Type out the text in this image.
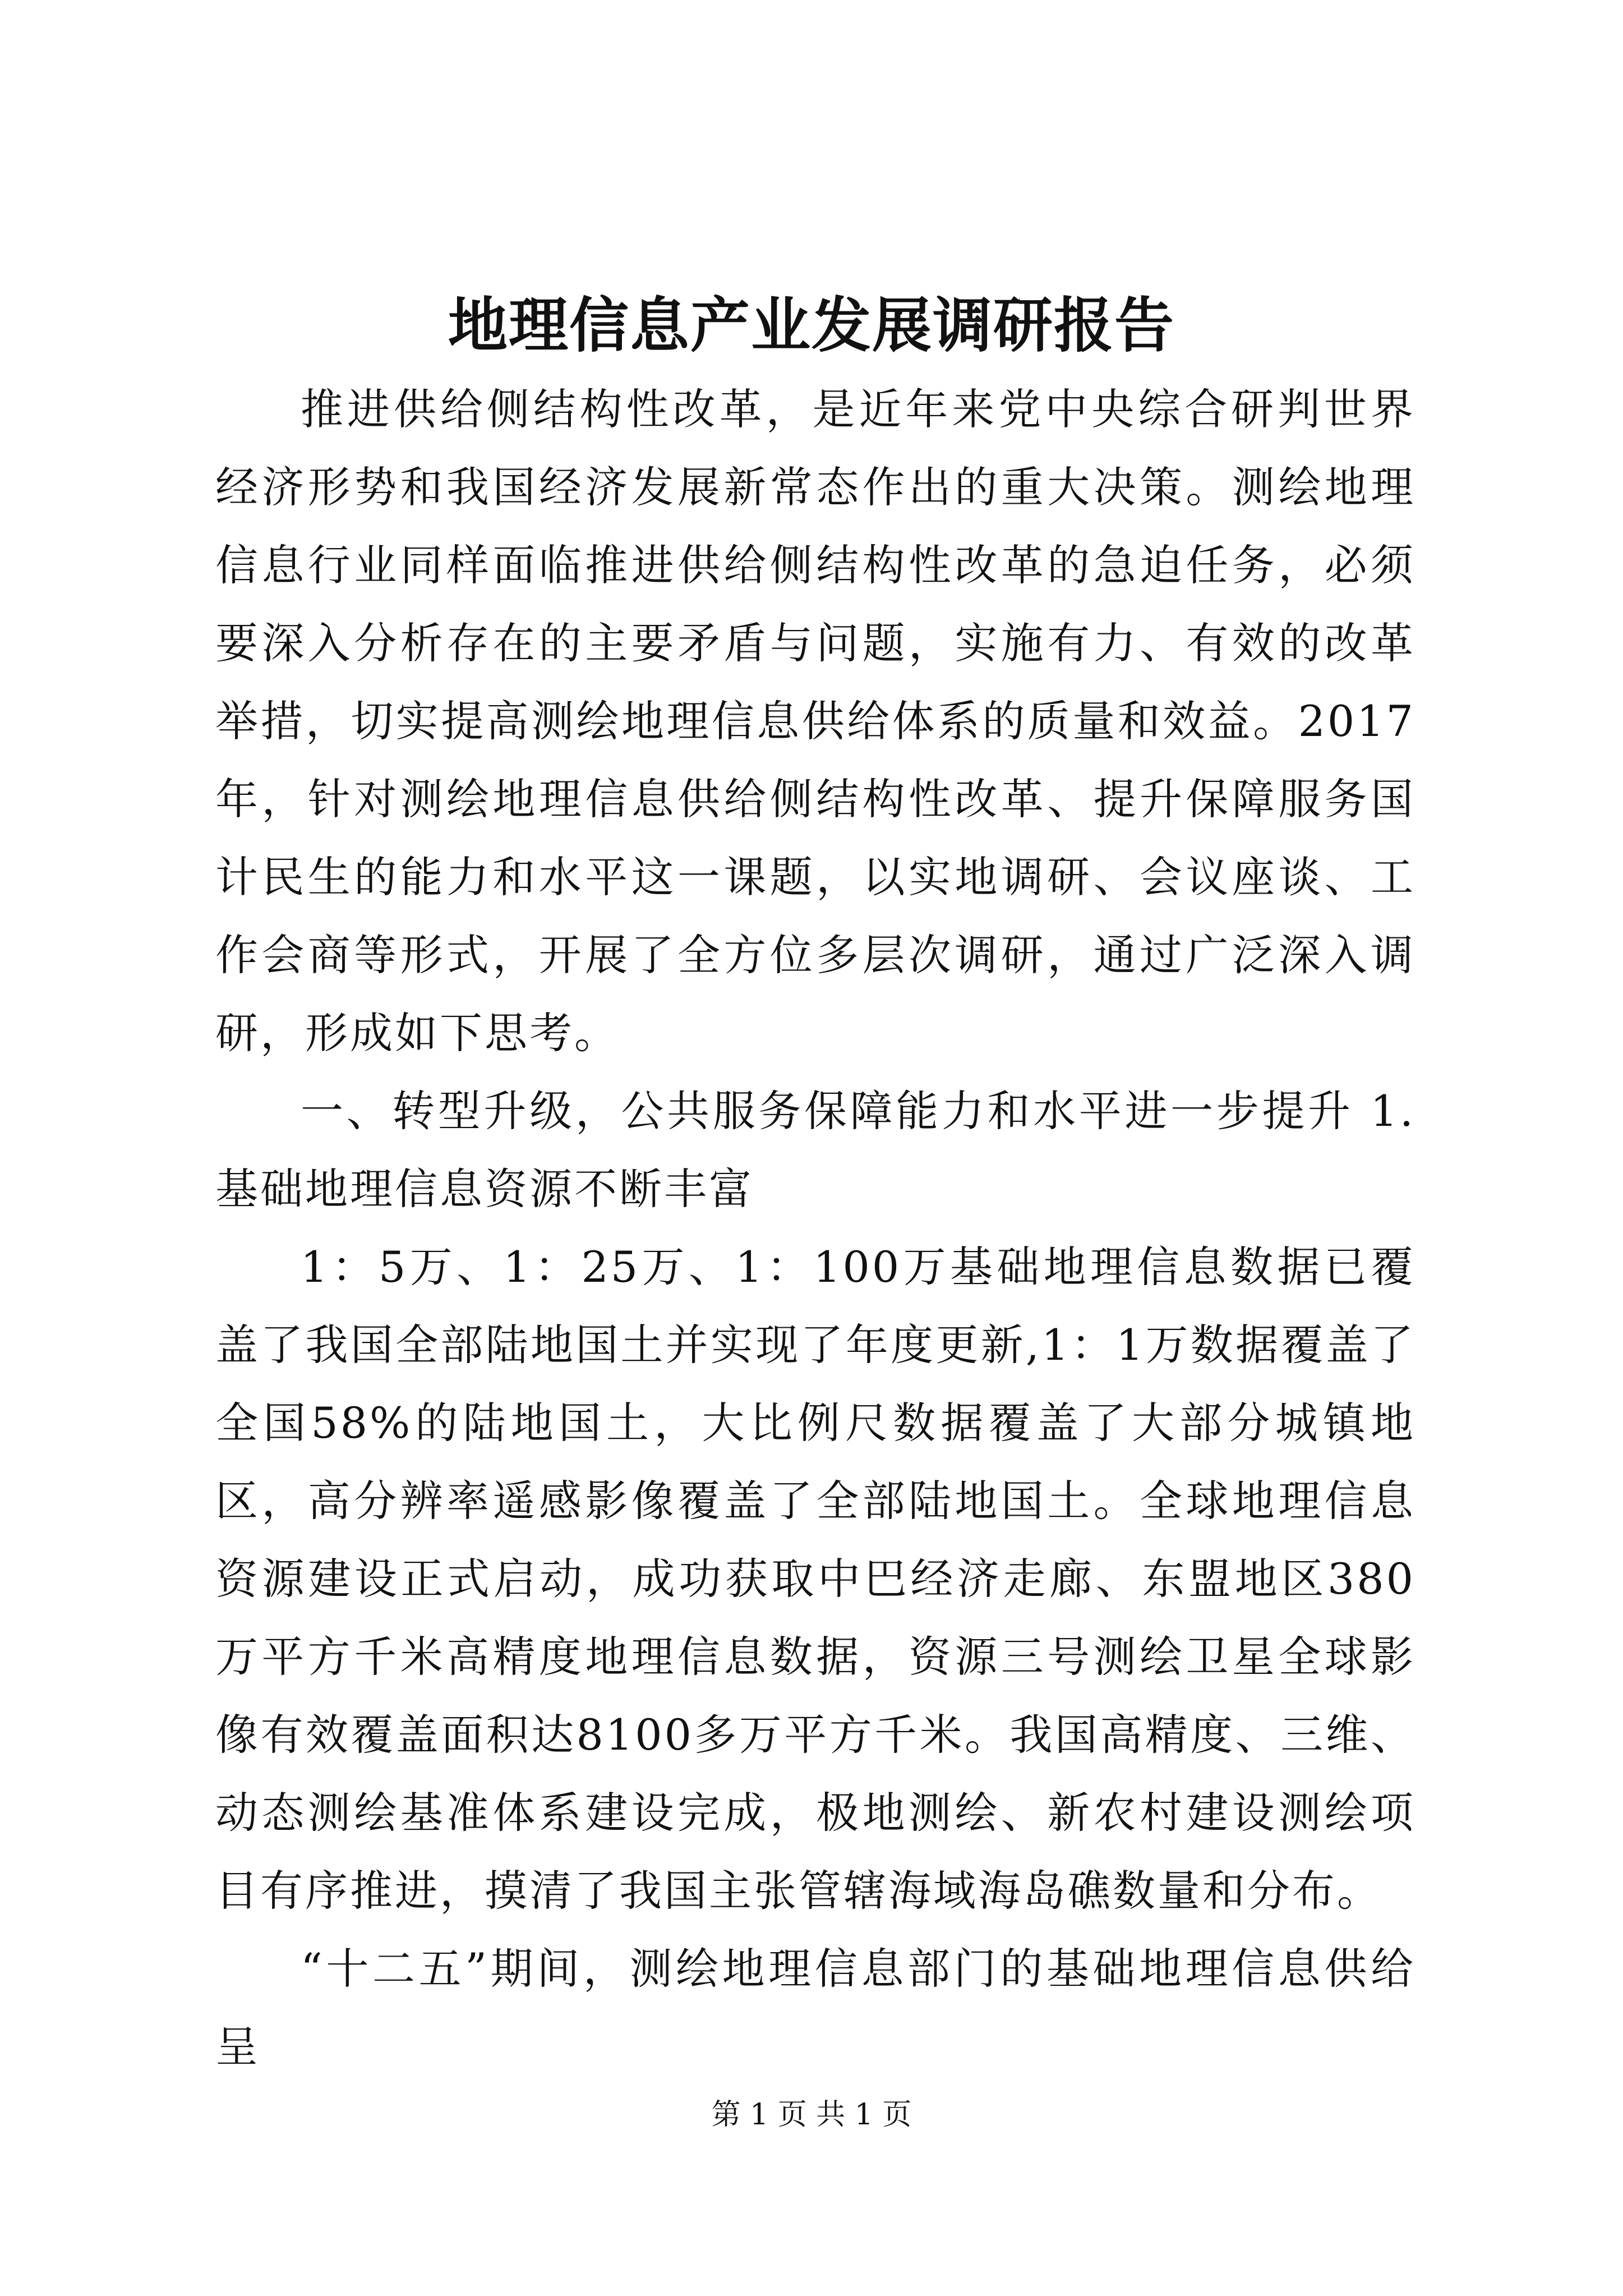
地理信息产业发展调研报告

推进供给侧结构性改革，是近年来党中央综合研判世界经济形势和我国经济发展新常态作出的重大决策。测绘地理信息行业同样面临推进供给侧结构性改革的急迫任务，必须要深入分析存在的主要矛盾与问题，实施有力、有效的改革举措，切实提高测绘地理信息供给体系的质量和效益。2017年，针对测绘地理信息供给侧结构性改革、提升保障服务国计民生的能力和水平这一课题，以实地调研、会议座谈、工作会商等形式，开展了全方位多层次调研，通过广泛深入调研，形成如下思考。

一、转型升级，公共服务保障能力和水平进一步提升 1.基础地理信息资源不断丰富

1：5万、1：25万、1：100万基础地理信息数据已覆盖了我国全部陆地国土并实现了年度更新,1：1万数据覆盖了全国58%的陆地国土，大比例尺数据覆盖了大部分城镇地区，高分辨率遥感影像覆盖了全部陆地国土。全球地理信息资源建设正式启动，成功获取中巴经济走廊、东盟地区380万平方千米高精度地理信息数据，资源三号测绘卫星全球影像有效覆盖面积达8100多万平方千米。我国高精度、三维、动态测绘基准体系建设完成，极地测绘、新农村建设测绘项目有序推进，摸清了我国主张管辖海域海岛礁数量和分布。

“十二五”期间，测绘地理信息部门的基础地理信息供给呈

第 1 页 共 1 页
